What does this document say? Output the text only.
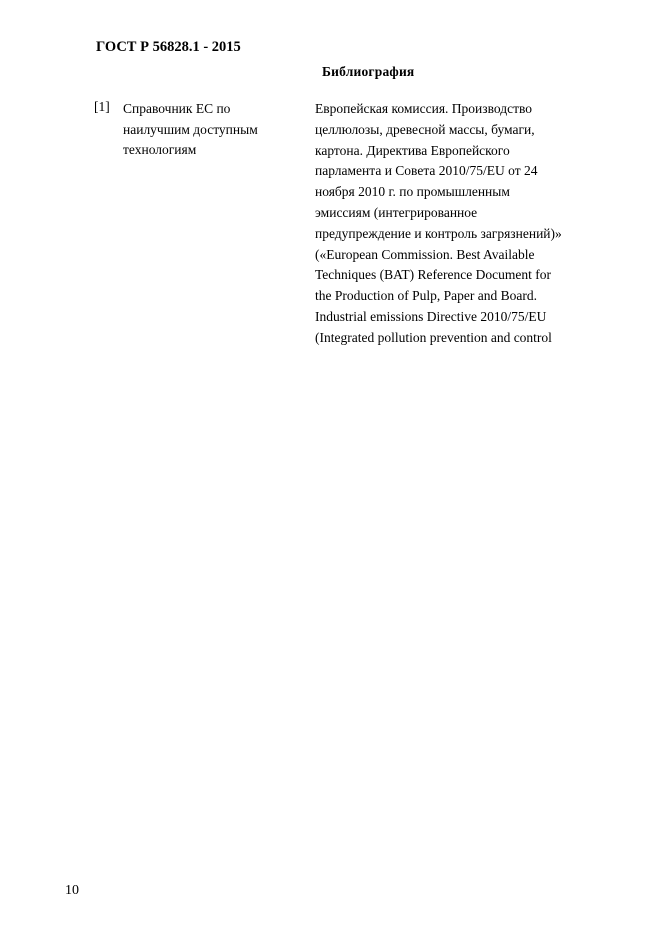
ГОСТ Р 56828.1 - 2015
Библиография
[1] Справочник ЕС по
наилучшим доступным
технологиям
Европейская комиссия. Производство
целлюлозы, древесной массы, бумаги,
картона. Директива Европейского
парламента и Совета 2010/75/EU от 24
ноября 2010 г. по промышленным
эмиссиям (интегрированное
предупреждение и контроль загрязнений)»
(«European Commission. Best Available
Techniques (BAT) Reference Document for
the Production of Pulp, Paper and Board.
Industrial emissions Directive 2010/75/EU
(Integrated pollution prevention and control
10
